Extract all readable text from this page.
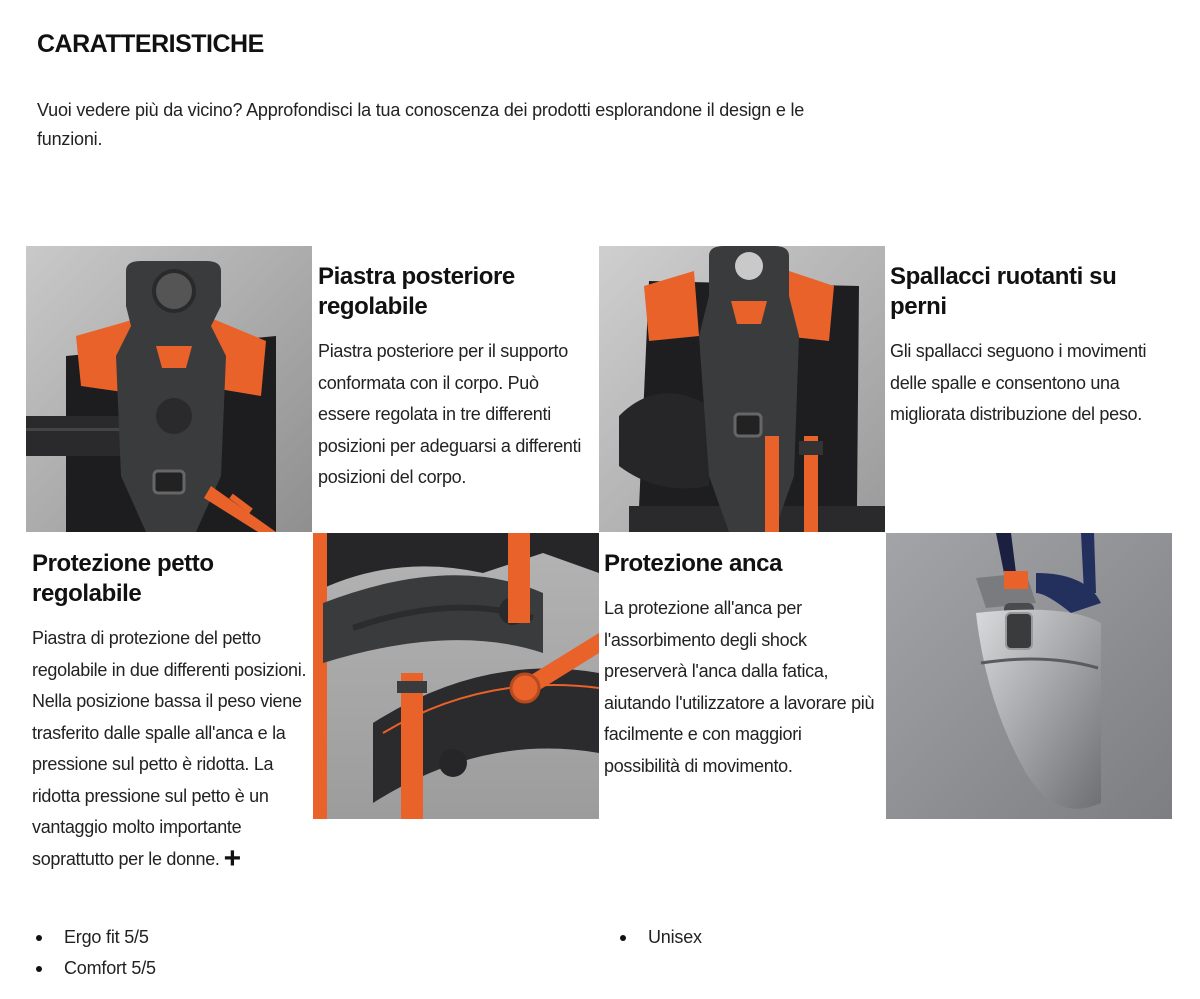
CARATTERISTICHE

Vuoi vedere più da vicino? Approfondisci la tua conoscenza dei prodotti esplorandone il design e le funzioni.

Piastra posteriore regolabile

Piastra posteriore per il supporto conformata con il corpo. Può essere regolata in tre differenti posizioni per adeguarsi a differenti posizioni del corpo.

Spallacci ruotanti su perni

Gli spallacci seguono i movimenti delle spalle e consentono una migliorata distribuzione del peso.

Protezione petto regolabile

Piastra di protezione del petto regolabile in due differenti posizioni. Nella posizione bassa il peso viene trasferito dalle spalle all'anca e la pressione sul petto è ridotta. La ridotta pressione sul petto è un vantaggio molto importante soprattutto per le donne. +

Protezione anca

La protezione all'anca per l'assorbimento degli shock preserverà l'anca dalla fatica, aiutando l'utilizzatore a lavorare più facilmente e con maggiori possibilità di movimento.

Ergo fit 5/5
Comfort 5/5
Unisex
